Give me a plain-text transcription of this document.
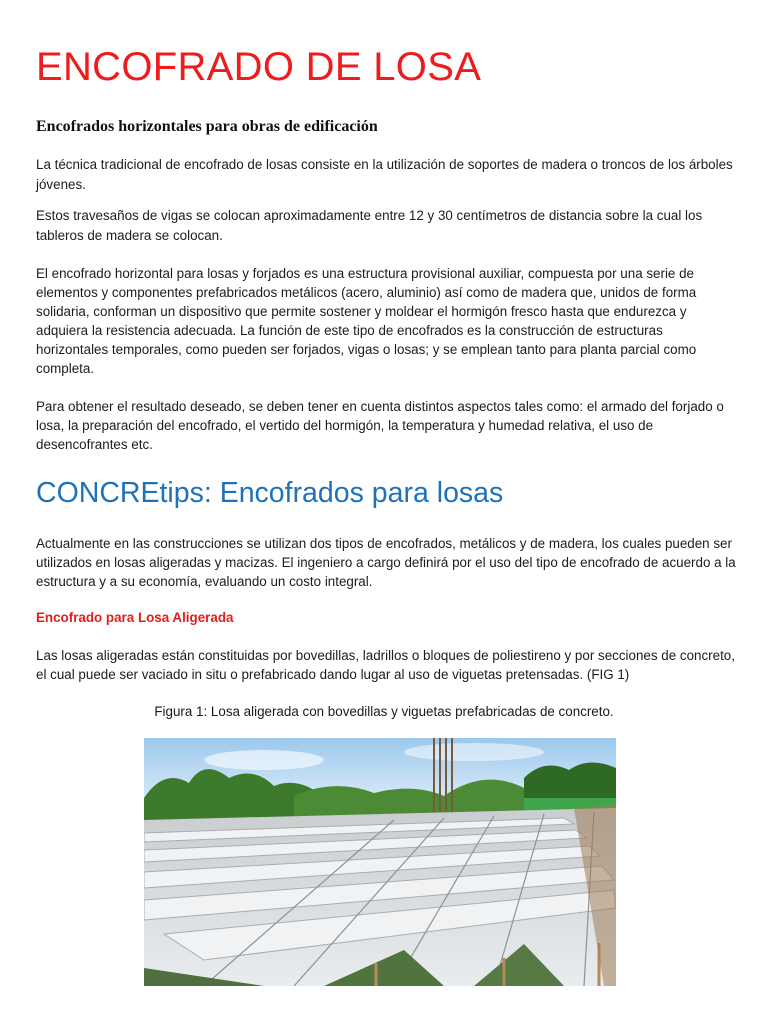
ENCOFRADO DE LOSA

Encofrados horizontales para obras de edificación

La técnica tradicional de encofrado de losas consiste en la utilización de soportes de madera o troncos de los árboles jóvenes.

Estos travesaños de vigas se colocan aproximadamente entre 12 y 30 centímetros de distancia sobre la cual los tableros de madera se colocan.

El encofrado horizontal para losas y forjados es una estructura provisional auxiliar, compuesta por una serie de elementos y componentes prefabricados metálicos (acero, aluminio) así como de madera que, unidos de forma solidaria, conforman un dispositivo que permite sostener y moldear el hormigón fresco hasta que endurezca y adquiera la resistencia adecuada. La función de este tipo de encofrados es la construcción de estructuras horizontales temporales, como pueden ser forjados, vigas o losas; y se emplean tanto para planta parcial como completa.

Para obtener el resultado deseado, se deben tener en cuenta distintos aspectos tales como: el armado del forjado o losa, la preparación del encofrado, el vertido del hormigón, la temperatura y humedad relativa, el uso de desencofrantes etc.

CONCREtips: Encofrados para losas

Actualmente en las construcciones se utilizan dos tipos de encofrados, metálicos y de madera, los cuales pueden ser utilizados en losas aligeradas y macizas. El ingeniero a cargo definirá por el uso del tipo de encofrado de acuerdo a la estructura y a su economía, evaluando un costo integral.

Encofrado para Losa Aligerada

Las losas aligeradas están constituidas por bovedillas, ladrillos o bloques de poliestireno y por secciones de concreto, el cual puede ser vaciado in situ o prefabricado dando lugar al uso de viguetas pretensadas. (FIG 1)

Figura 1: Losa aligerada con bovedillas y viguetas prefabricadas de concreto.
